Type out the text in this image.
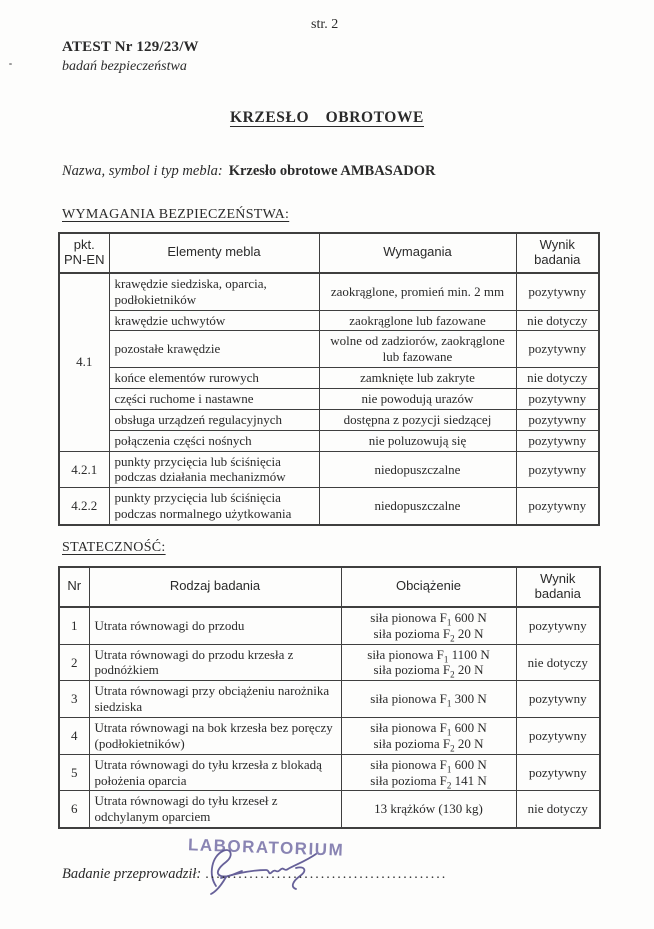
str. 2
ATEST Nr 129/23/W
badań bezpieczeństwa
KRZESŁO OBROTOWE
Nazwa, symbol i typ mebla: Krzesło obrotowe AMBASADOR
WYMAGANIA BEZPIECZEŃSTWA:
pkt.
PN-EN	Elementy mebla	Wymagania	Wynik
badania

4.1	krawędzie siedziska, oparcia, podłokietników	zaokrąglone, promień min. 2 mm	pozytywny
	krawędzie uchwytów	zaokrąglone lub fazowane	nie dotyczy
	pozostałe krawędzie	wolne od zadziorów, zaokrąglone lub fazowane	pozytywny
	końce elementów rurowych	zamknięte lub zakryte	nie dotyczy
	części ruchome i nastawne	nie powodują urazów	pozytywny
	obsługa urządzeń regulacyjnych	dostępna z pozycji siedzącej	pozytywny
	połączenia części nośnych	nie poluzowują się	pozytywny
4.2.1	punkty przycięcia lub ściśnięcia podczas działania mechanizmów	niedopuszczalne	pozytywny
4.2.2	punkty przycięcia lub ściśnięcia podczas normalnego użytkowania	niedopuszczalne	pozytywny
STATECZNOŚĆ:
Nr	Rodzaj badania	Obciążenie	Wynik
badania

1	Utrata równowagi do przodu	siła pionowa $F_1$ 600 N
siła pozioma $F_2$ 20 N	pozytywny
2	Utrata równowagi do przodu krzesła z podnóżkiem	siła pionowa $F_1$ 1100 N
siła pozioma $F_2$ 20 N	nie dotyczy
3	Utrata równowagi przy obciążeniu narożnika siedziska	siła pionowa $F_1$ 300 N	pozytywny
4	Utrata równowagi na bok krzesła bez poręczy (podłokietników)	siła pionowa $F_1$ 600 N
siła pozioma $F_2$ 20 N	pozytywny
5	Utrata równowagi do tyłu krzesła z blokadą położenia oparcia	siła pionowa $F_1$ 600 N
siła pozioma $F_2$ 141 N	pozytywny
6	Utrata równowagi do tyłu krzeseł z odchylanym oparciem	13 krążków (130 kg)	nie dotyczy
LABORATORIUM
Badanie przeprowadził: ............................................
